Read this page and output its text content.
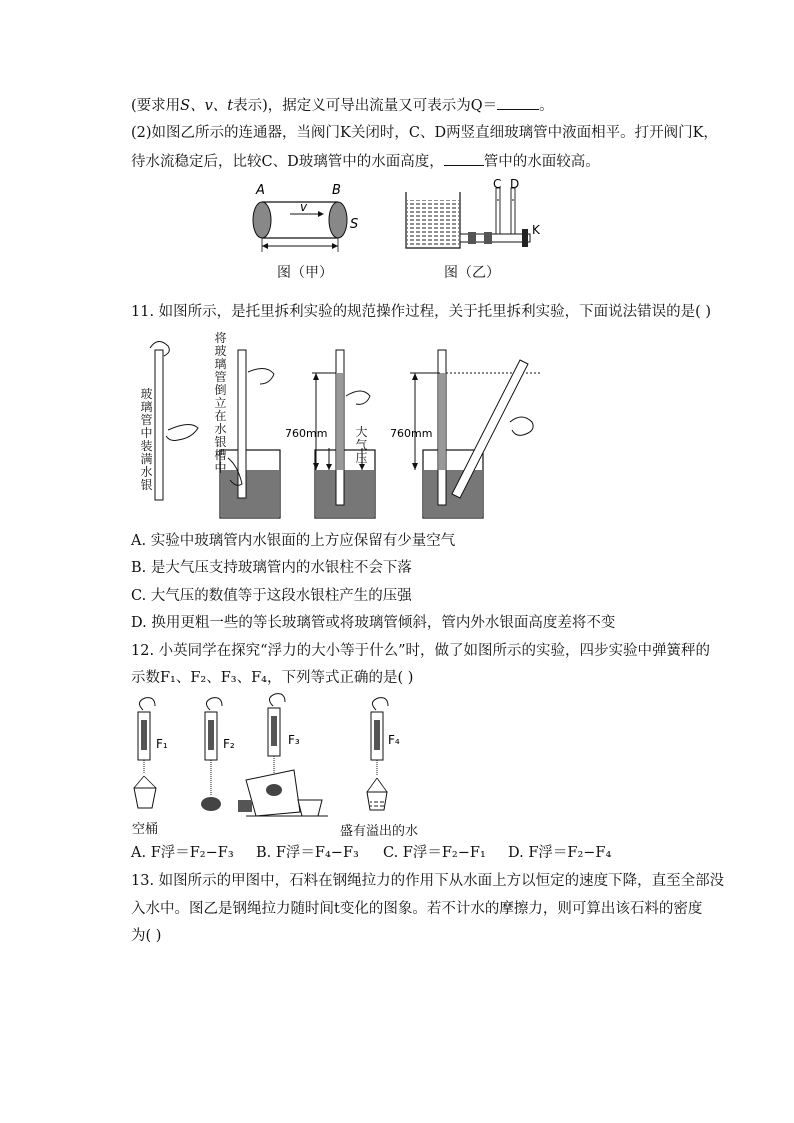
(要求用S、v、t表示)，据定义可导出流量又可表示为Q＝	。
(2)如图乙所示的连通器，当阀门K关闭时，C、D两竖直细玻璃管中液面相平。打开阀门K，
待水流稳定后，比较C、D玻璃管中的水面高度，	管中的水面较高。
A	B
S
v
图（甲）
C D
K
图（乙）
11. 如图所示，是托里拆利实验的规范操作过程，关于托里拆利实验，下面说法错误的是( )
760mm	760mm
玻璃管中装满水银
将玻璃管倒立在水银槽中
大气压
A. 实验中玻璃管内水银面的上方应保留有少量空气
B. 是大气压支持玻璃管内的水银柱不会下落
C. 大气压的数值等于这段水银柱产生的压强
D. 换用更粗一些的等长玻璃管或将玻璃管倾斜，管内外水银面高度差将不变
12. 小英同学在探究“浮力的大小等于什么”时，做了如图所示的实验，四步实验中弹簧秤的
示数F₁、F₂、F₃、F₄，下列等式正确的是( )
F₁	F₂	F₃	F₄
空桶	盛有溢出的水
A. F浮＝F₂−F₃ B. F浮＝F₄−F₃ C. F浮＝F₂−F₁ D. F浮＝F₂−F₄
13. 如图所示的甲图中，石料在钢绳拉力的作用下从水面上方以恒定的速度下降，直至全部没
入水中。图乙是钢绳拉力随时间t变化的图象。若不计水的摩擦力，则可算出该石料的密度
为( )
